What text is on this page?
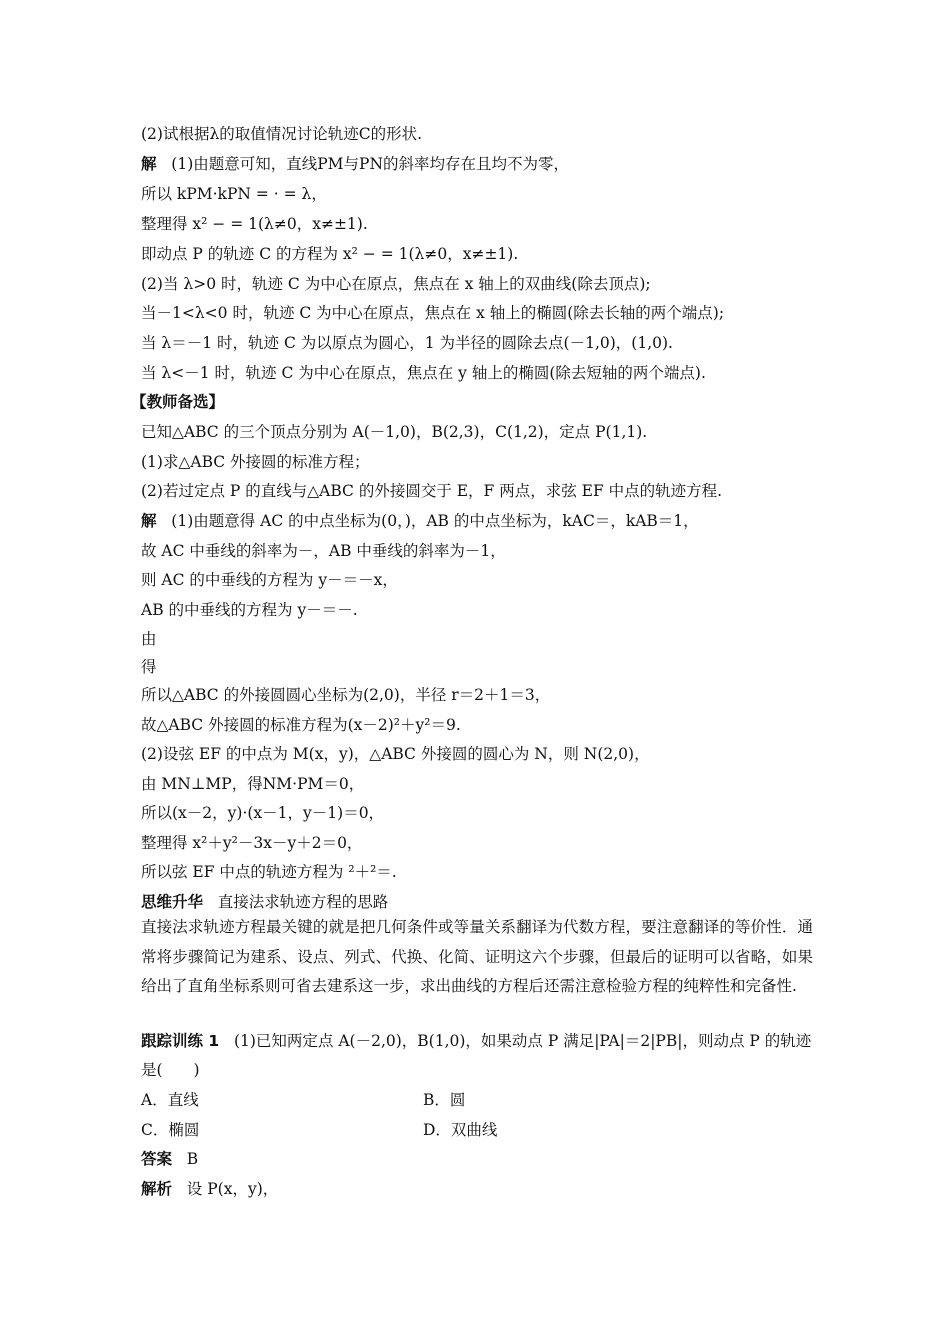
(2)试根据λ的取值情况讨论轨迹C的形状.
解 (1)由题意可知，直线PM与PN的斜率均存在且均不为零，
所以 kPM·kPN = · = λ，
整理得 x² − = 1(λ≠0，x≠±1).
即动点 P 的轨迹 C 的方程为 x² − = 1(λ≠0，x≠±1).
(2)当 λ>0 时，轨迹 C 为中心在原点，焦点在 x 轴上的双曲线(除去顶点);
当－1<λ<0 时，轨迹 C 为中心在原点，焦点在 x 轴上的椭圆(除去长轴的两个端点);
当 λ＝－1 时，轨迹 C 为以原点为圆心，1 为半径的圆除去点(－1,0)，(1,0).
当 λ<－1 时，轨迹 C 为中心在原点，焦点在 y 轴上的椭圆(除去短轴的两个端点).
【教师备选】
已知△ABC 的三个顶点分别为 A(－1,0)，B(2,3)，C(1,2)，定点 P(1,1).
(1)求△ABC 外接圆的标准方程；
(2)若过定点 P 的直线与△ABC 的外接圆交于 E，F 两点，求弦 EF 中点的轨迹方程.
解 (1)由题意得 AC 的中点坐标为(0，)，AB 的中点坐标为，kAC＝，kAB＝1，
故 AC 中垂线的斜率为－，AB 中垂线的斜率为－1，
则 AC 的中垂线的方程为 y－＝－x，
AB 的中垂线的方程为 y－＝－.
由
得
所以△ABC 的外接圆圆心坐标为(2,0)，半径 r＝2＋1＝3，
故△ABC 外接圆的标准方程为(x－2)²＋y²＝9.
(2)设弦 EF 的中点为 M(x，y)，△ABC 外接圆的圆心为 N，则 N(2,0)，
由 MN⊥MP，得NM·PM＝0，
所以(x－2，y)·(x－1，y－1)＝0，
整理得 x²＋y²－3x－y＋2＝0，
所以弦 EF 中点的轨迹方程为 ²＋²＝.
思维升华 直接法求轨迹方程的思路
直接法求轨迹方程最关键的就是把几何条件或等量关系翻译为代数方程，要注意翻译的等价性．通常将步骤简记为建系、设点、列式、代换、化简、证明这六个步骤，但最后的证明可以省略，如果给出了直角坐标系则可省去建系这一步，求出曲线的方程后还需注意检验方程的纯粹性和完备性.
跟踪训练 1 (1)已知两定点 A(－2,0)，B(1,0)，如果动点 P 满足|PA|＝2|PB|，则动点 P 的轨迹
是(　　)
A．直线	B．圆
C．椭圆	D．双曲线
答案 B
解析 设 P(x，y)，
